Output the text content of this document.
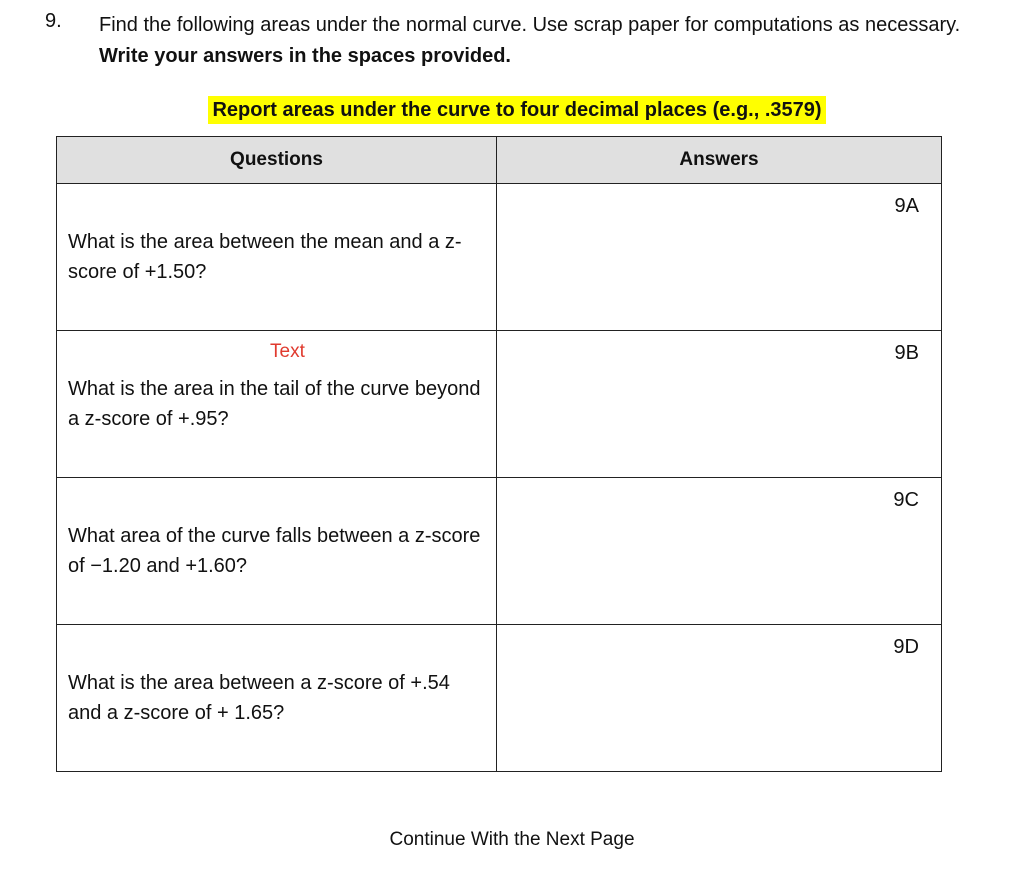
9. Find the following areas under the normal curve. Use scrap paper for computations as necessary.   Write your answers in the spaces provided.
Report areas under the curve to four decimal places (e.g., .3579)
Questions	Answers

What is the area between the mean and a z-score of +1.50?	9A

Text
What is the area in the tail of the curve beyond a z-score of +.95?	9B

What area of the curve falls between a z-score of −1.20 and +1.60?	9C

What is the area between a z-score of +.54 and a z-score of + 1.65?	9D
Continue With the Next Page
